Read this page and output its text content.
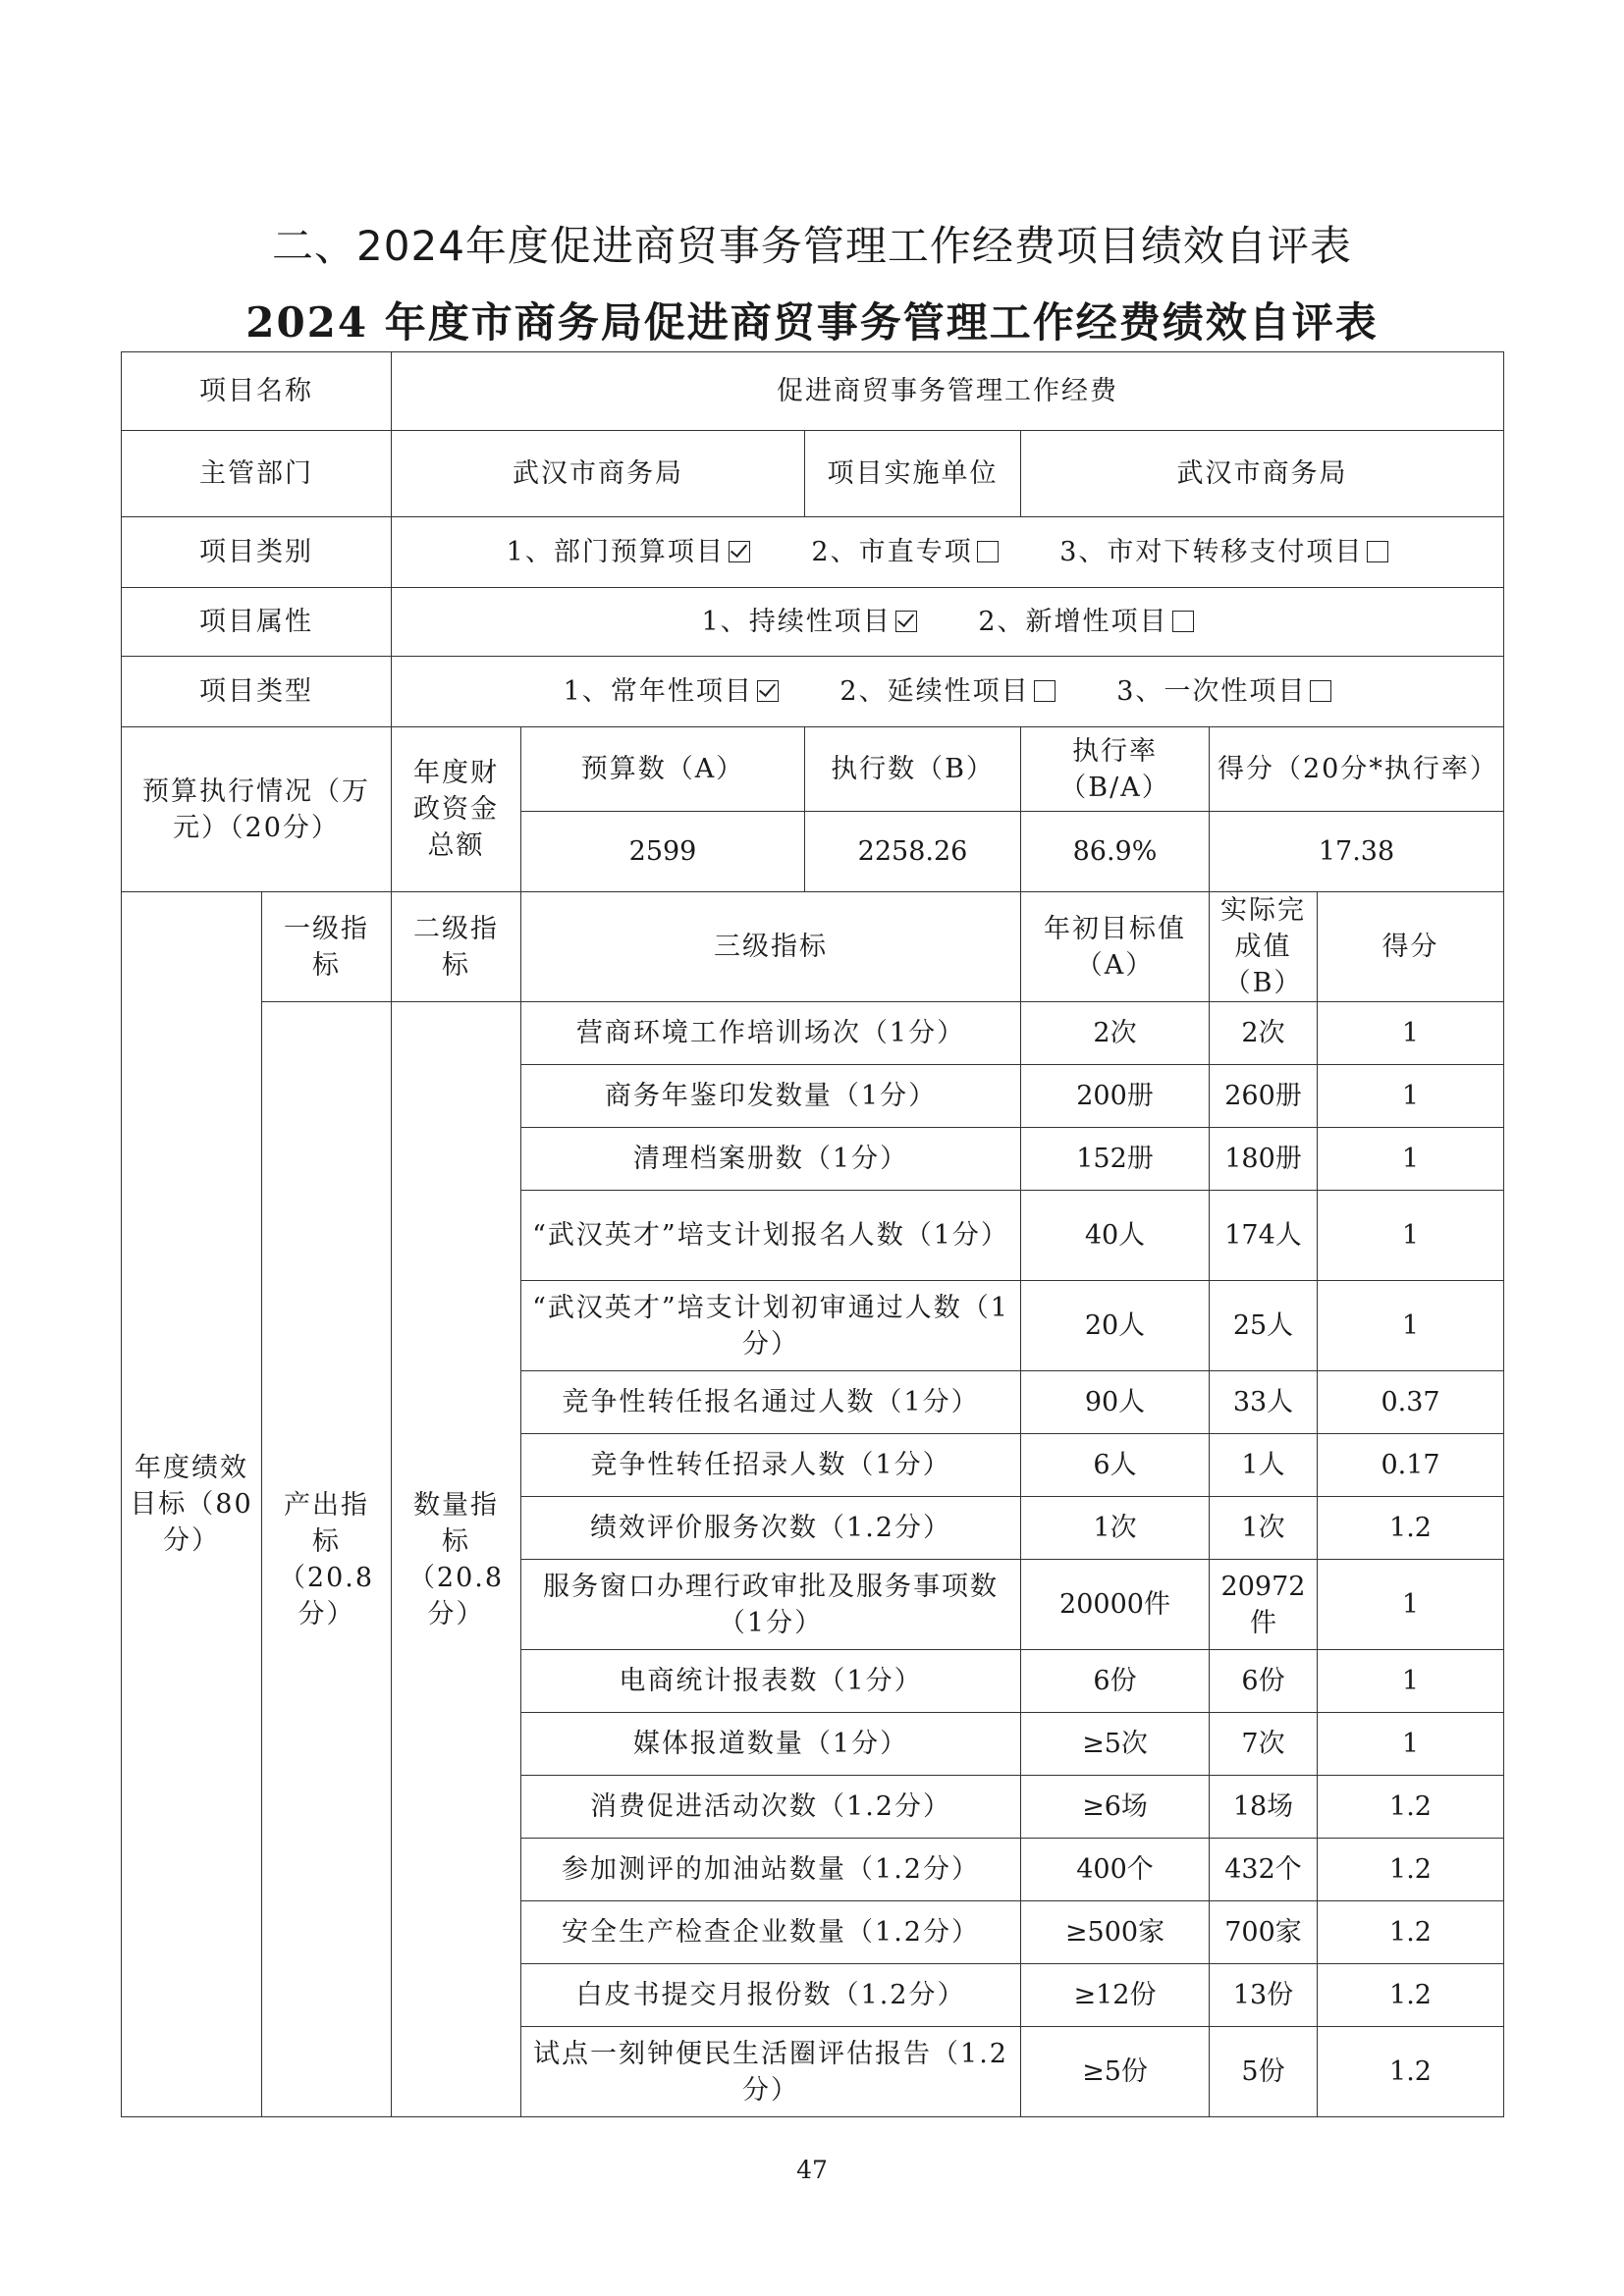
二、2024年度促进商贸事务管理工作经费项目绩效自评表
2024 年度市商务局促进商贸事务管理工作经费绩效自评表
项目名称		促进商贸事务管理工作经费					
主管部门		武汉市商务局		项目实施单位	武汉市商务局		
项目类别		1、部门预算项目 2、市直专项 3、市对下转移支付项目					
项目属性		1、持续性项目 2、新增性项目					
项目类型		1、常年性项目 2、延续性项目 3、一次性项目					
预算执行情况（万元）（20分）		年度财政资金总额	预算数（A）	执行数（B）	执行率（B/A）	得分（20分*执行率）	
			2599	2258.26	86.9%	17.38	
年度绩效目标（80分）	一级指标	二级指标	三级指标		年初目标值（A）	实际完成值（B）	得分
	产出指标（20.8分）	数量指标（20.8分）	营商环境工作培训场次（1分）		2次	2次	1
			商务年鉴印发数量（1分）		200册	260册	1
			清理档案册数（1分）		152册	180册	1
			“武汉英才”培支计划报名人数（1分）		40人	174人	1
			“武汉英才”培支计划初审通过人数（1分）		20人	25人	1
			竞争性转任报名通过人数（1分）		90人	33人	0.37
			竞争性转任招录人数（1分）		6人	1人	0.17
			绩效评价服务次数（1.2分）		1次	1次	1.2
			服务窗口办理行政审批及服务事项数（1分）		20000件	20972件	1
			电商统计报表数（1分）		6份	6份	1
			媒体报道数量（1分）		≥5次	7次	1
			消费促进活动次数（1.2分）		≥6场	18场	1.2
			参加测评的加油站数量（1.2分）		400个	432个	1.2
			安全生产检查企业数量（1.2分）		≥500家	700家	1.2
			白皮书提交月报份数（1.2分）		≥12份	13份	1.2
			试点一刻钟便民生活圈评估报告（1.2分）		≥5份	5份	1.2
47
